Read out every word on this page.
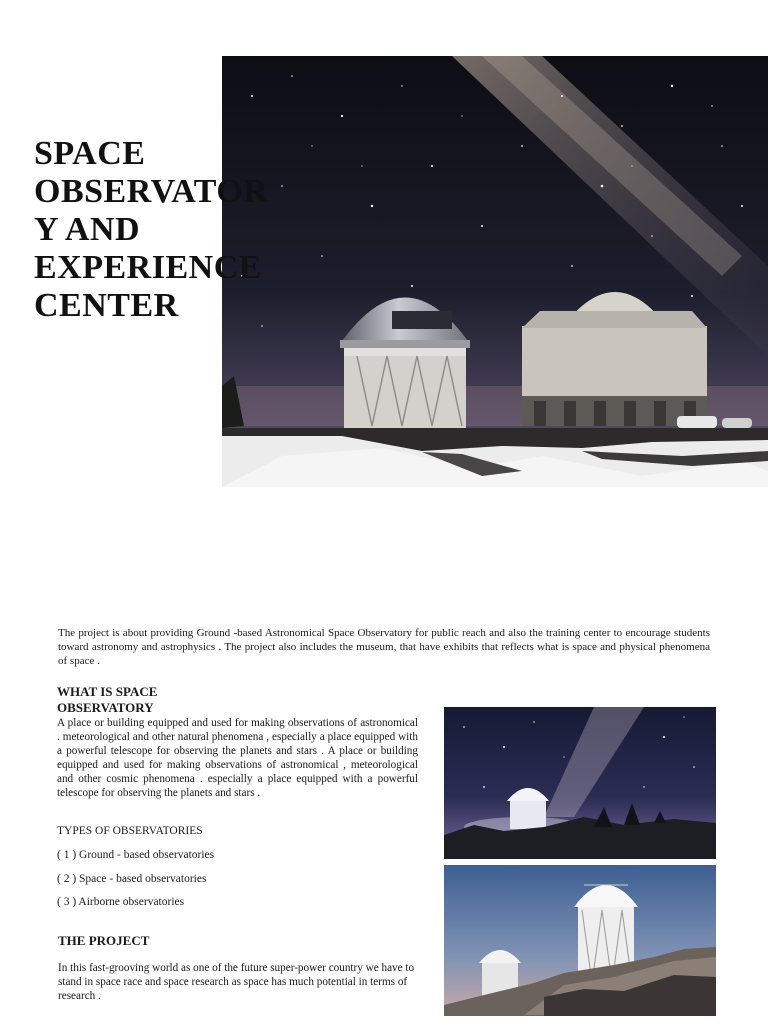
SPACE
OBSERVATOR
Y AND
EXPERIENCE
CENTER

The project is about providing Ground -based Astronomical Space Observatory for public reach and also the training center to encourage students toward astronomy and astrophysics . The project also includes the museum, that have exhibits that reflects what is space and physical phenomena of space .

WHAT IS SPACE
OBSERVATORY

A place or building equipped and used for making observations of astronomical . meteorological and other natural phenomena , especially a place equipped with a powerful telescope for observing the planets and stars . A place or building equipped and used for making observations of astronomical , meteorological and other cosmic phenomena . especially a place equipped with a powerful telescope for observing the planets and stars .

TYPES OF OBSERVATORIES

( 1 ) Ground - based observatories
( 2 ) Space - based observatories
( 3 ) Airborne observatories
THE PROJECT

In this fast-grooving world as one of the future super-power country we have to stand in space race and space research as space has much potential in terms of research .
